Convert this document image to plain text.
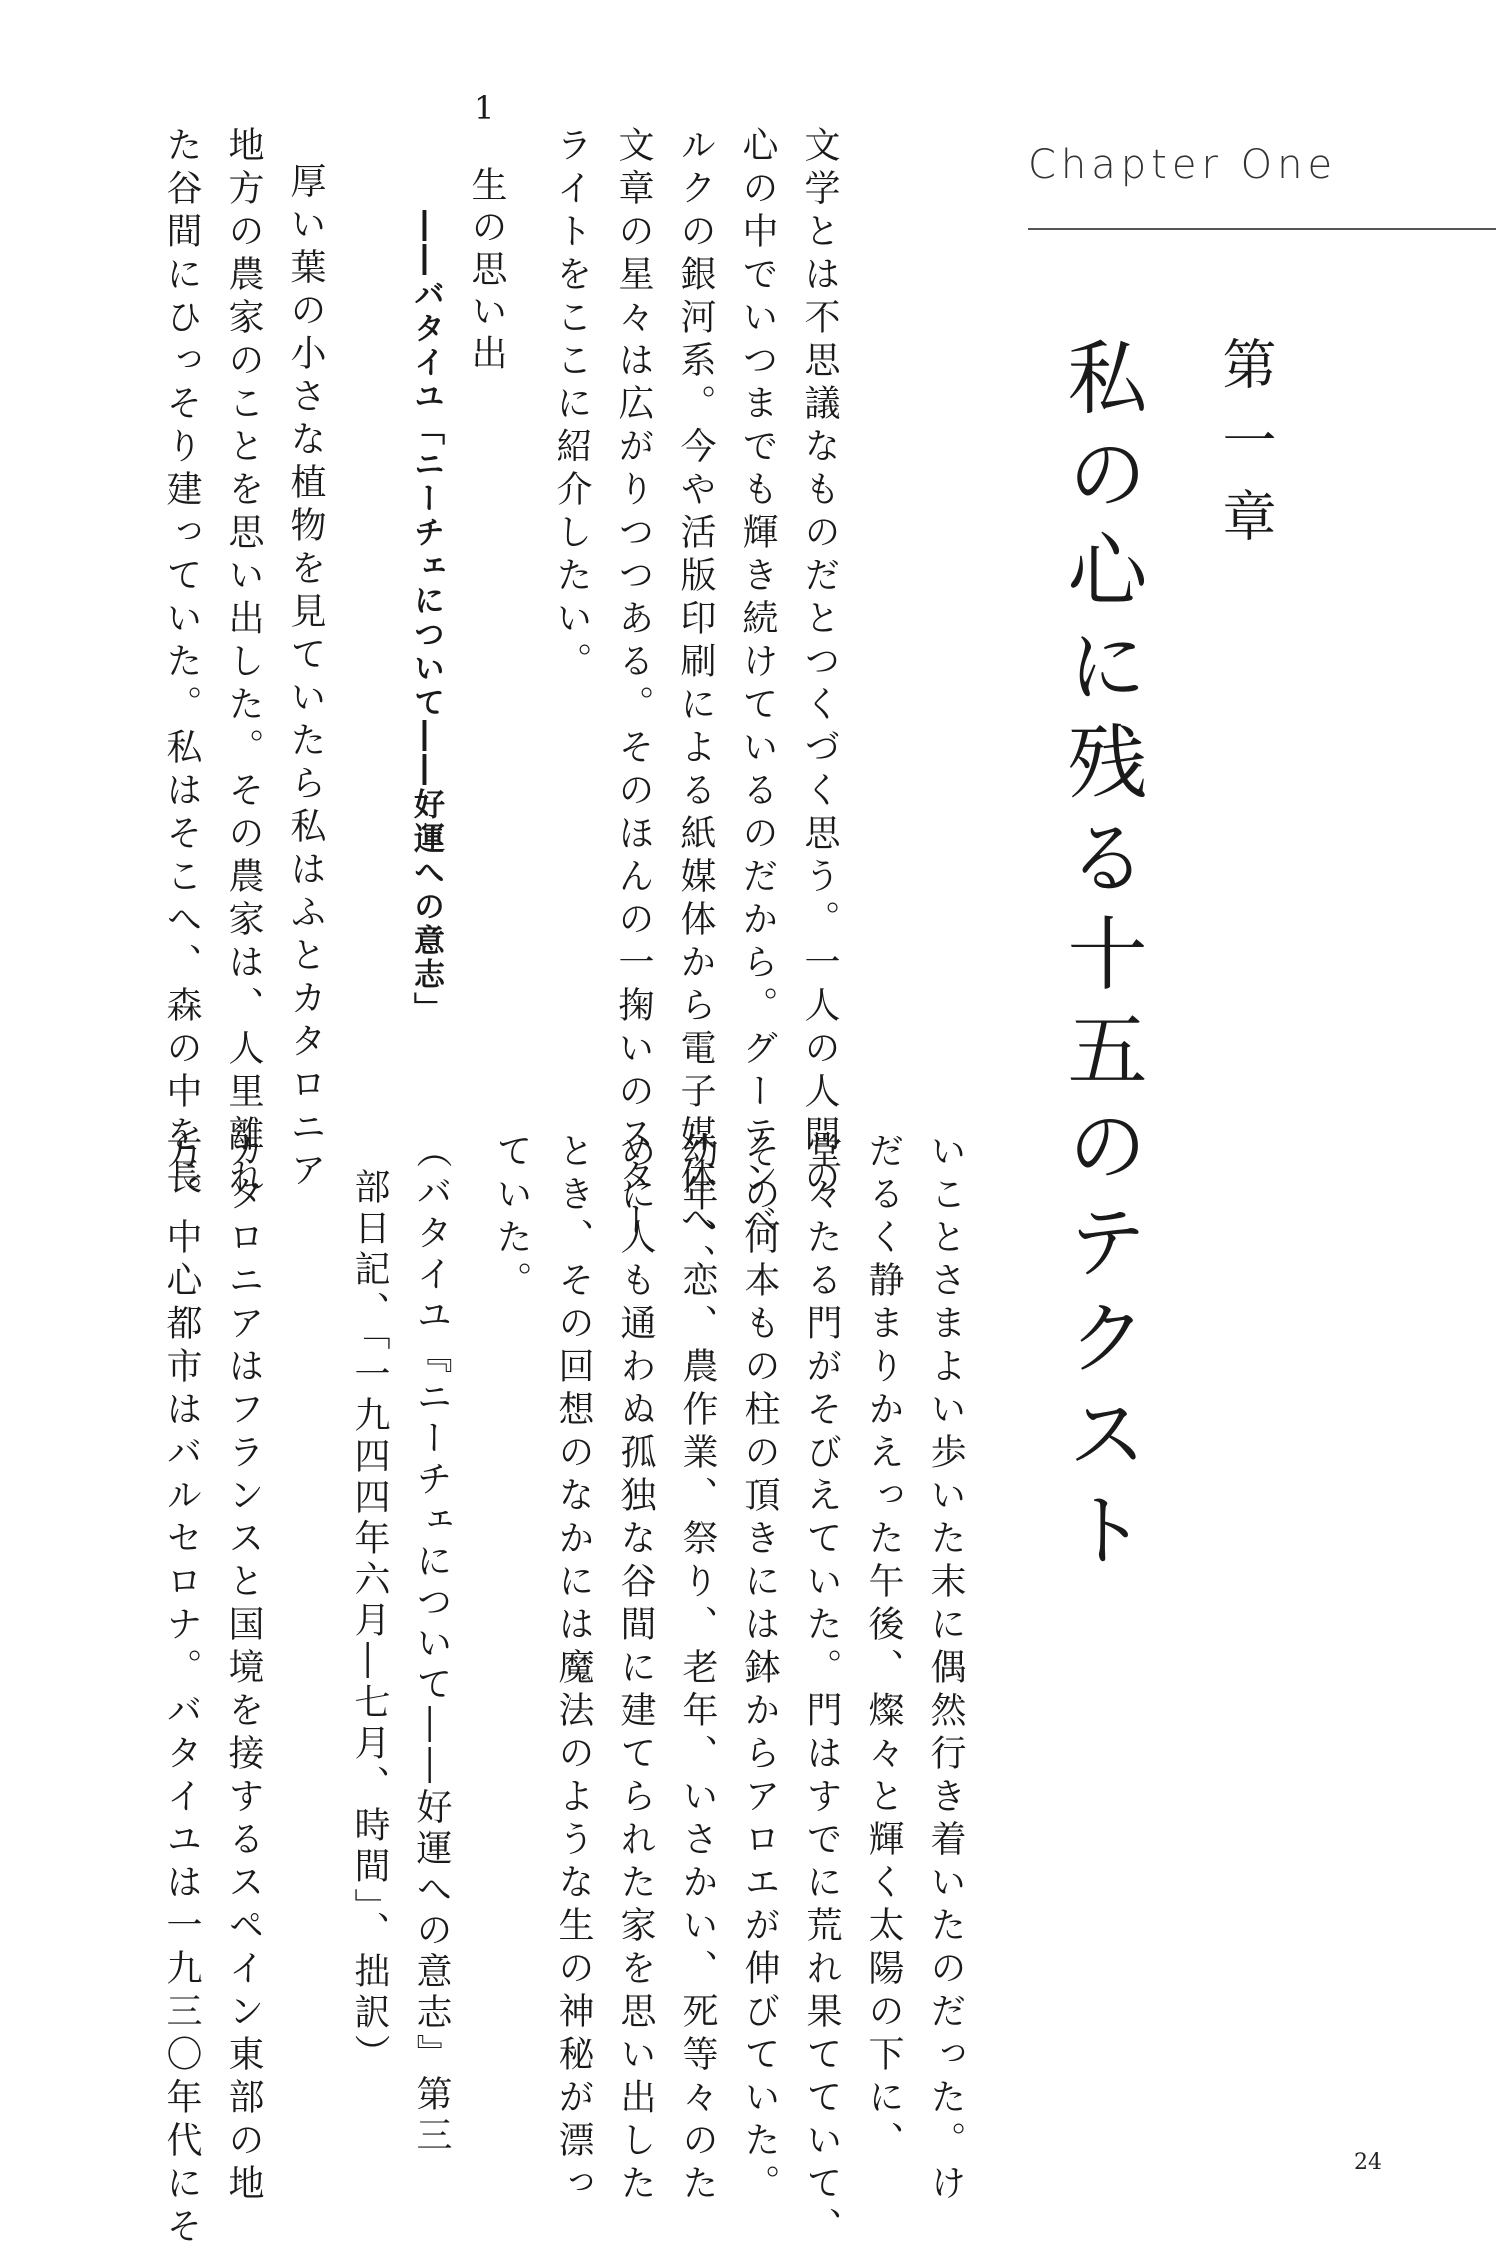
Chapter One
第一章
私の心に残る十五のテクスト
文学とは不思議なものだとつくづく思う。一人の人間の
心の中でいつまでも輝き続けているのだから。グーテンベ
ルクの銀河系。今や活版印刷による紙媒体から電子媒体へ、
文章の星々は広がりつつある。そのほんの一掬いのスター
ライトをここに紹介したい。
1
生の思い出
――バタイユ「ニーチェについて――好運への意志」
厚い葉の小さな植物を見ていたら私はふとカタロニア
地方の農家のことを思い出した。その農家は、人里離れ
た谷間にひっそり建っていた。私はそこへ、森の中を長
いことさまよい歩いた末に偶然行き着いたのだった。け
だるく静まりかえった午後、燦々と輝く太陽の下に、
堂々たる門がそびえていた。門はすでに荒れ果てていて、
その何本もの柱の頂きには鉢からアロエが伸びていた。
幼年、恋、農作業、祭り、老年、いさかい、死等々のた
めに人も通わぬ孤独な谷間に建てられた家を思い出した
とき、その回想のなかには魔法のような生の神秘が漂っ
ていた。
（バタイユ『ニーチェについて――好運への意志』第三
部日記、「一九四四年六月―七月、時間」、拙訳）
カタロニアはフランスと国境を接するスペイン東部の地
方。中心都市はバルセロナ。バタイユは一九三〇年代にそ	24
